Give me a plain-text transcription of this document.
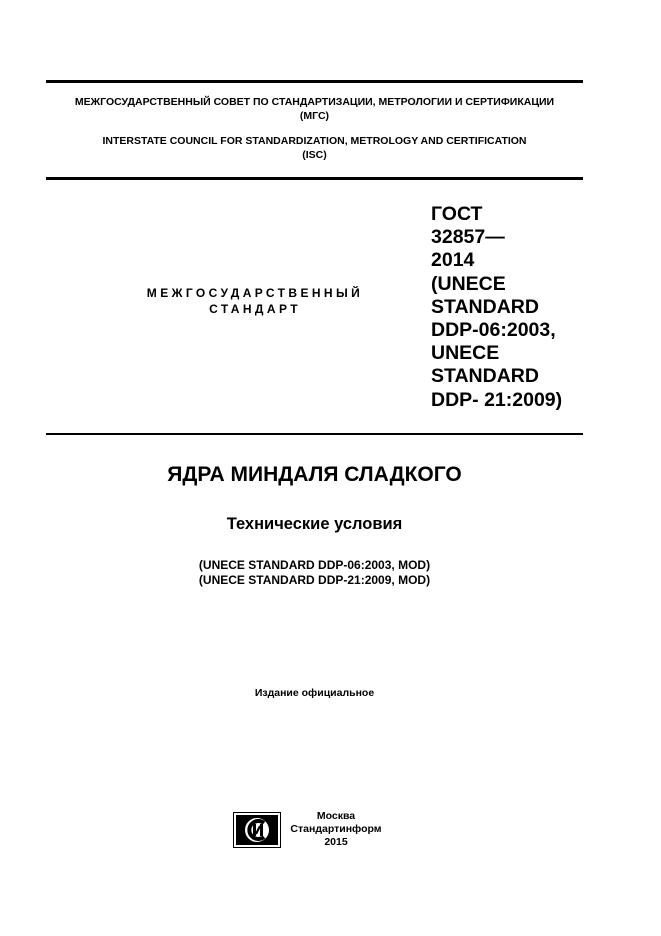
МЕЖГОСУДАРСТВЕННЫЙ СОВЕТ ПО СТАНДАРТИЗАЦИИ, МЕТРОЛОГИИ И СЕРТИФИКАЦИИ
(МГС)
INTERSTATE COUNCIL FOR STANDARDIZATION, METROLOGY AND CERTIFICATION
(ISC)
МЕЖГОСУДАРСТВЕННЫЙ
СТАНДАРТ
ГОСТ
32857—
2014
(UNECE
STANDARD
DDP-06:2003,
UNECE
STANDARD
DDP- 21:2009)
ЯДРА МИНДАЛЯ СЛАДКОГО
Технические условия
(UNECE STANDARD DDP-06:2003, MOD)
(UNECE STANDARD DDP-21:2009, MOD)
Издание официальное
Москва
Стандартинформ
2015
